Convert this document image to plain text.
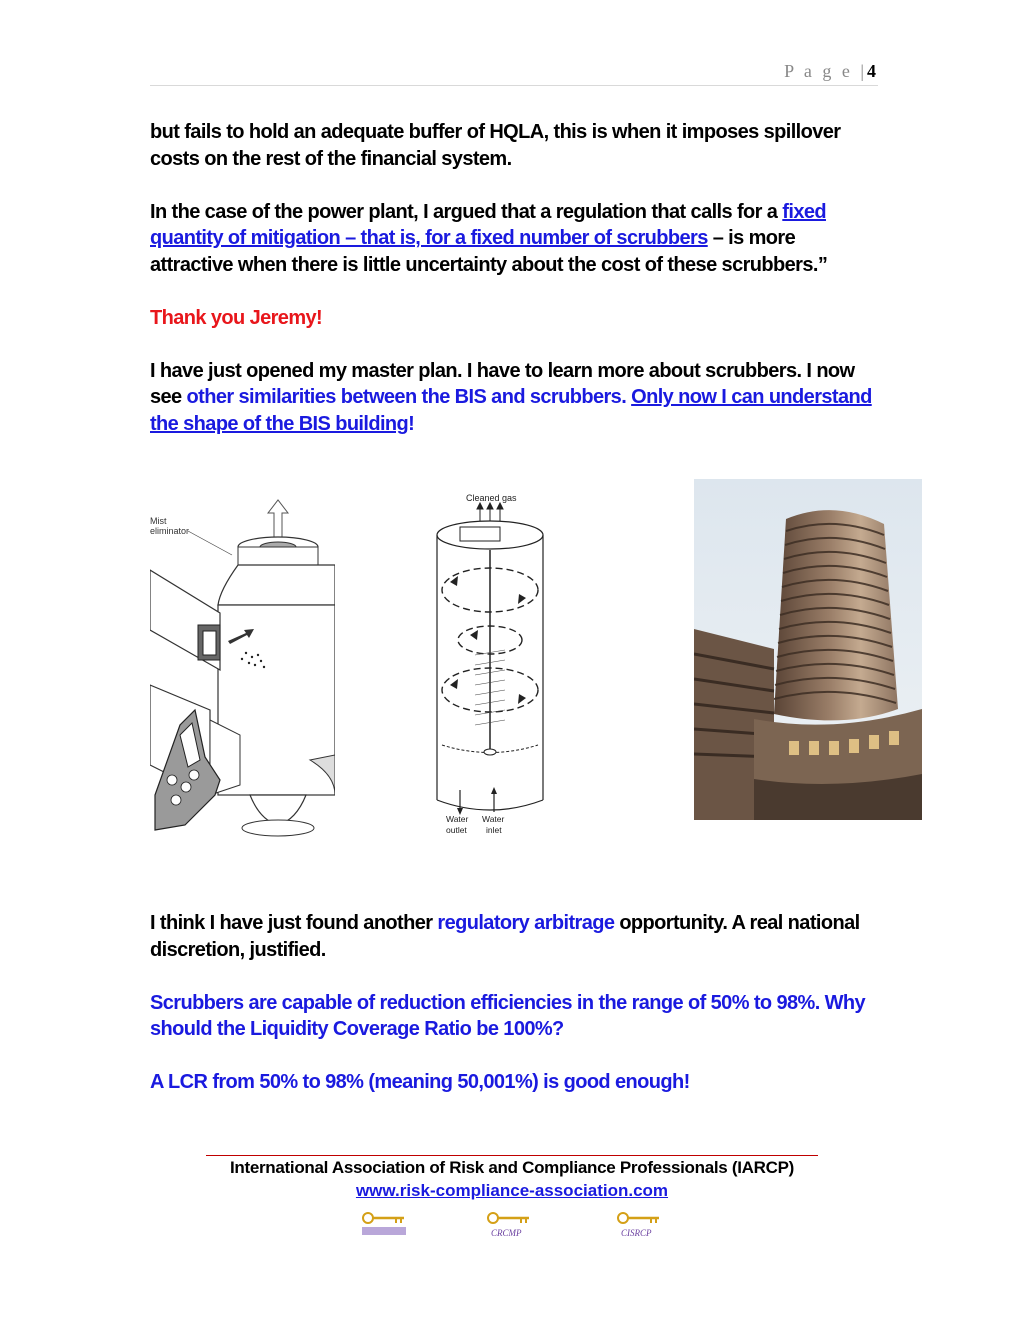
P a g e |4

but fails to hold an adequate buffer of HQLA, this is when it imposes spillover costs on the rest of the financial system.

In the case of the power plant, I argued that a regulation that calls for a fixed quantity of mitigation – that is, for a fixed number of scrubbers – is more attractive when there is little uncertainty about the cost of these scrubbers.”

Thank you Jeremy!

I have just opened my master plan. I have to learn more about scrubbers. I now see other similarities between the BIS and scrubbers. Only now I can understand the shape of the BIS building!

Mist eliminator
Cleaned gas
Water
outlet
Water
inlet

I think I have just found another regulatory arbitrage opportunity. A real national discretion, justified.

Scrubbers are capable of reduction efficiencies in the range of 50% to 98%. Why should the Liquidity Coverage Ratio be 100%?

A LCR from 50% to 98% (meaning 50,001%) is good enough!

International Association of Risk and Compliance Professionals (IARCP)
www.risk-compliance-association.com
CRCMP	CISRCP
